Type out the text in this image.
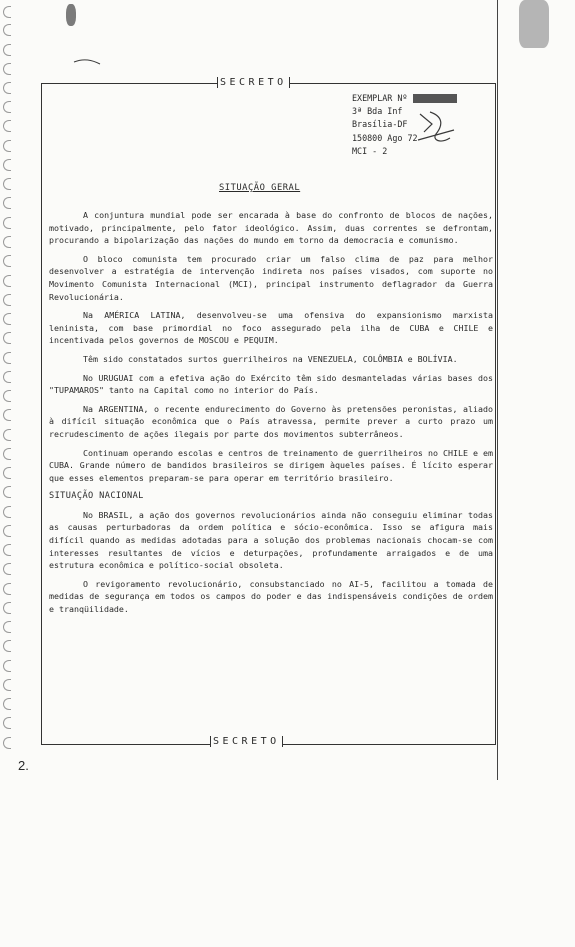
SECRETO
SECRETO
EXEMPLAR Nº
3ª Bda Inf
Brasília-DF
150800 Ago 72
MCI - 2
SITUAÇÃO GERAL

A conjuntura mundial pode ser encarada à base do confronto de blocos de nações, motivado, principalmente, pelo fator ideológico. Assim, duas correntes se defrontam, procurando a bipolarização das nações do mundo em torno da democracia e comunismo.

O bloco comunista tem procurado criar um falso clima de paz para melhor desenvolver a estratégia de intervenção indireta nos países visados, com suporte no Movimento Comunista Internacional (MCI), principal instrumento deflagrador da Guerra Revolucionária.

Na AMÉRICA LATINA, desenvolveu-se uma ofensiva do expansionismo marxista leninista, com base primordial no foco assegurado pela ilha de CUBA e CHILE e incentivada pelos governos de MOSCOU e PEQUIM.

Têm sido constatados surtos guerrilheiros na VENEZUELA, COLÔMBIA e BOLÍVIA.

No URUGUAI com a efetiva ação do Exército têm sido desmanteladas várias bases dos "TUPAMAROS" tanto na Capital como no interior do País.

Na ARGENTINA, o recente endurecimento do Governo às pretensões peronistas, aliado à difícil situação econômica que o País atravessa, permite prever a curto prazo um recrudescimento de ações ilegais por parte dos movimentos subterrâneos.

Continuam operando escolas e centros de treinamento de guerrilheiros no CHILE e em CUBA. Grande número de bandidos brasileiros se dirigem àqueles países. É lícito esperar que esses elementos preparam-se para operar em território brasileiro.

SITUAÇÃO NACIONAL

No BRASIL, a ação dos governos revolucionários ainda não conseguiu eliminar todas as causas perturbadoras da ordem política e sócio-econômica. Isso se afigura mais difícil quando as medidas adotadas para a solução dos problemas nacionais chocam-se com interesses resultantes de vícios e deturpações, profundamente arraigados e de uma estrutura econômica e político-social obsoleta.

O revigoramento revolucionário, consubstanciado no AI-5, facilitou a tomada de medidas de segurança em todos os campos do poder e das indispensáveis condições de ordem e tranqüilidade.

2.
